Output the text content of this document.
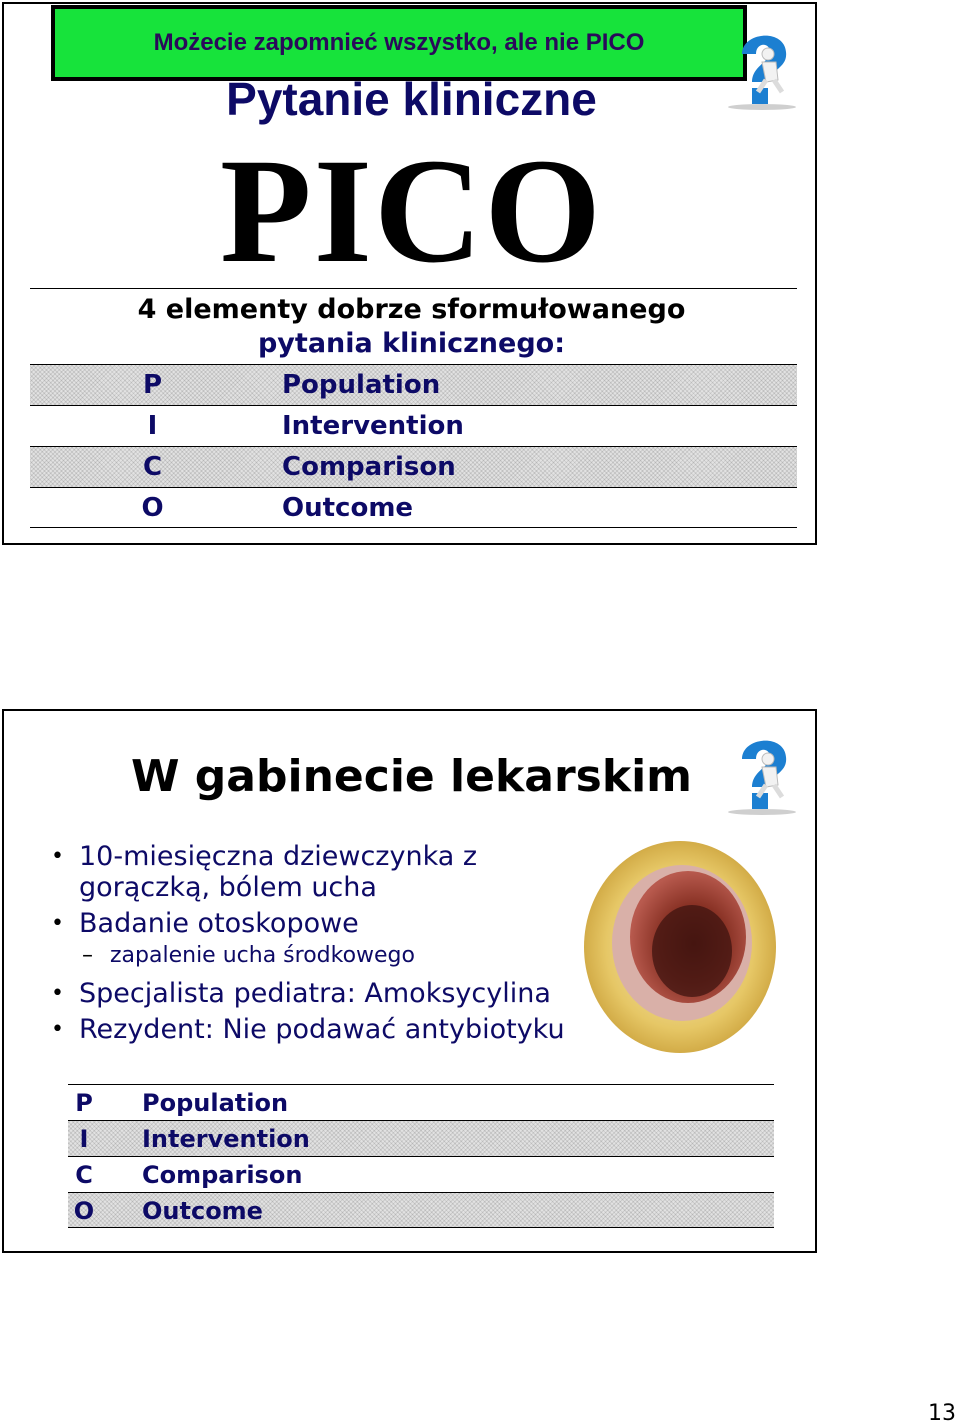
Możecie zapomnieć wszystko, ale nie PICO
Pytanie kliniczne
PICO
4 elementy dobrze sformułowanego
pytania klinicznego:
P	Population
I	Intervention
C	Comparison
O	Outcome
W gabinecie lekarskim
• 10-miesięczna dziewczynka z
gorączką, bólem ucha
• Badanie otoskopowe
– zapalenie ucha środkowego
• Specjalista pediatra: Amoksycylina
• Rezydent: Nie podawać antybiotyku
P	Population
I	Intervention
C Comparison
O Outcome
13
